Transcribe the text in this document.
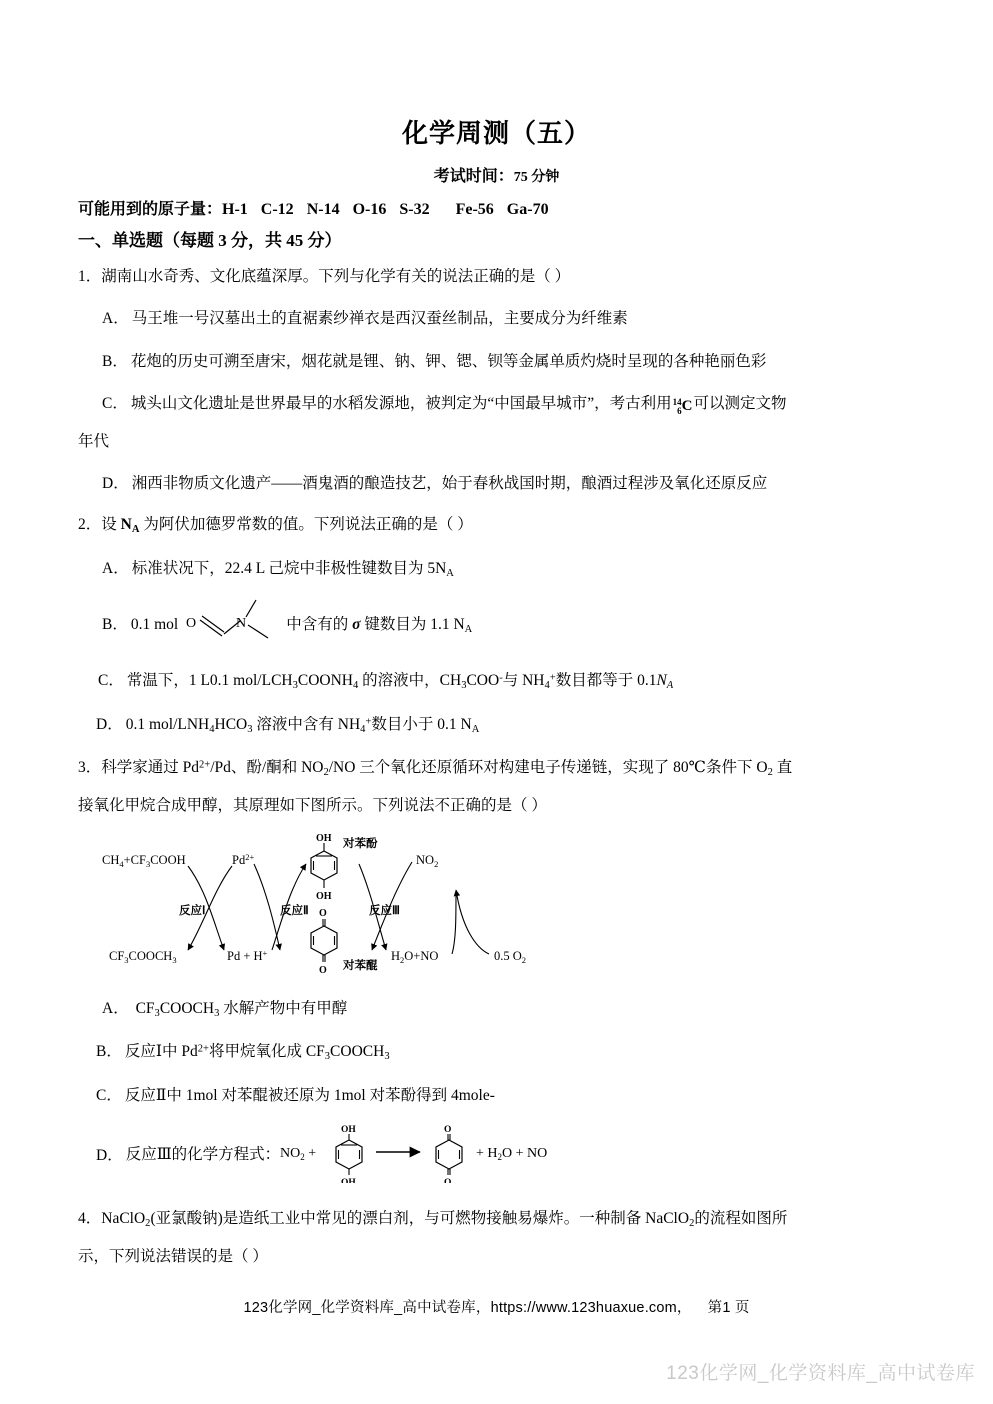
化学周测（五）
考试时间：75 分钟
可能用到的原子量：H-1 C-12 N-14 O-16 S-32 Fe-56 Ga-70
一、单选题（每题 3 分，共 45 分）
1．湖南山水奇秀、文化底蕴深厚。下列与化学有关的说法正确的是（ ）
A． 马王堆一号汉墓出土的直裾素纱禅衣是西汉蚕丝制品，主要成分为纤维素
B． 花炮的历史可溯至唐宋，烟花就是锂、钠、钾、锶、钡等金属单质灼烧时呈现的各种艳丽色彩
C． 城头山文化遗址是世界最早的水稻发源地，被判定为“中国最早城市”，考古利用14
6C可以测定文物
年代
D． 湘西非物质文化遗产——酒鬼酒的酿造技艺，始于春秋战国时期，酿酒过程涉及氧化还原反应
2．设 $N_A$ 为阿伏加德罗常数的值。下列说法正确的是（ ）
A． 标准状况下，22.4 L 己烷中非极性键数目为 $5N_A$
B． 0.1 mol O	N	中含有的 σ 键数目为 1.1 $N_A$
C． 常温下，1 L0.1 mol/$LCH_3COONH_4$ 的溶液中，$CH_3COO^-$与 $NH_4^+$数目都等于 $0.1N_A$
D． 0.1 mol/$LNH_4HCO_3$ 溶液中含有 $NH_4^+$数目小于 0.1 $N_A$
3．科学家通过 $Pd^{2+}/Pd$、酚/酮和 $NO_2/NO$ 三个氧化还原循环对构建电子传递链，实现了 80℃条件下 $O_2$ 直
接氧化甲烷合成甲醇，其原理如下图所示。下列说法不正确的是（ ）
$CH_4+CF_3COOH$
$CF_3COOCH_3$
$Pd^{2+}$
Pd + H+
反应Ⅰ	反应Ⅱ
OH
OH
对苯酚
O
O 对苯醌
反应Ⅲ
$NO_2$
$H_2O+NO$	0.5 $O_2$
A． $CF_3COOCH_3$ 水解产物中有甲醇
B． 反应Ⅰ中 $Pd^{2+}$将甲烷氧化成 $CF_3COOCH_3$
C． 反应Ⅱ中 1mol 对苯醌被还原为 1mol 对苯酚得到 4mole-
D． 反应Ⅲ的化学方程式： $NO_2$ +
OH
OH
O
O
+ $H_2O$ + NO
4．NaClO$_2$(亚氯酸钠)是造纸工业中常见的漂白剂，与可燃物接触易爆炸。一种制备 NaClO$_2$的流程如图所
示，下列说法错误的是（ ）
123化学网_化学资料库_高中试卷库，https://www.123huaxue.com， 第1 页
123化学网_化学资料库_高中试卷库
